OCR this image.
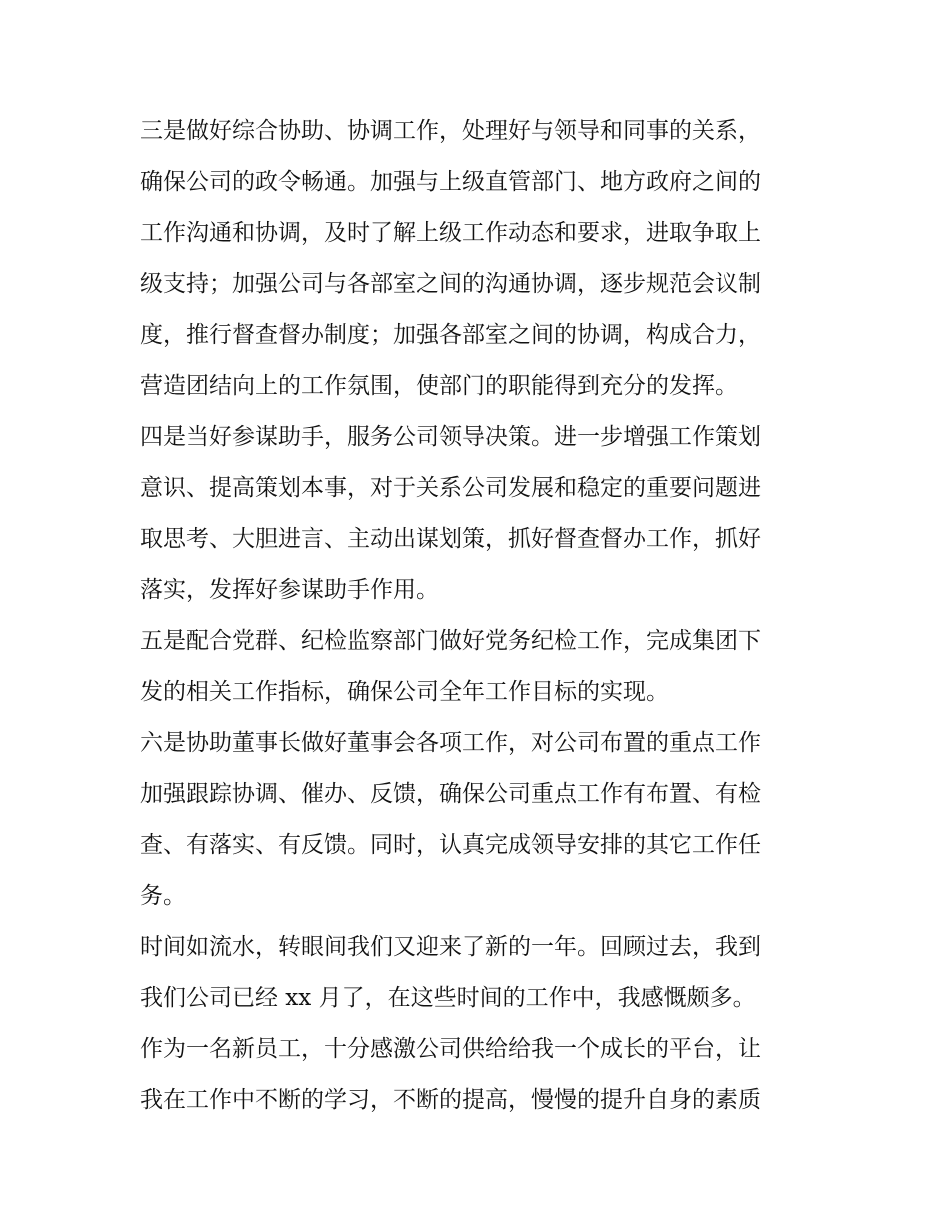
三是做好综合协助、协调工作，处理好与领导和同事的关系，
确保公司的政令畅通。加强与上级直管部门、地方政府之间的
工作沟通和协调，及时了解上级工作动态和要求，进取争取上
级支持；加强公司与各部室之间的沟通协调，逐步规范会议制
度，推行督查督办制度；加强各部室之间的协调，构成合力，
营造团结向上的工作氛围，使部门的职能得到充分的发挥。

四是当好参谋助手，服务公司领导决策。进一步增强工作策划
意识、提高策划本事，对于关系公司发展和稳定的重要问题进
取思考、大胆进言、主动出谋划策，抓好督查督办工作，抓好
落实，发挥好参谋助手作用。

五是配合党群、纪检监察部门做好党务纪检工作，完成集团下
发的相关工作指标，确保公司全年工作目标的实现。

六是协助董事长做好董事会各项工作，对公司布置的重点工作
加强跟踪协调、催办、反馈，确保公司重点工作有布置、有检
查、有落实、有反馈。同时，认真完成领导安排的其它工作任
务。

时间如流水，转眼间我们又迎来了新的一年。回顾过去，我到
我们公司已经 xx 月了，在这些时间的工作中，我感慨颇多。

作为一名新员工，十分感激公司供给给我一个成长的平台，让
我在工作中不断的学习，不断的提高，慢慢的提升自身的素质
